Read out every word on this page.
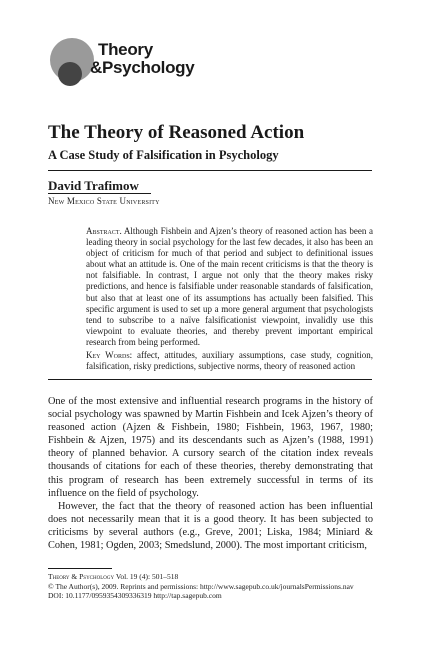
Theory
&Psychology
The Theory of Reasoned Action
A Case Study of Falsification in Psychology
David Trafimow
New Mexico State University
Abstract. Although Fishbein and Ajzen’s theory of reasoned action has been a leading theory in social psychology for the last few decades, it also has been an object of criticism for much of that period and subject to definitional issues about what an attitude is. One of the main recent criticisms is that the theory is not falsifiable. In contrast, I argue not only that the theory makes risky predictions, and hence is falsifiable under reasonable standards of falsification, but also that at least one of its assumptions has actually been falsified. This specific argument is used to set up a more general argument that psychologists tend to subscribe to a naïve falsificationist viewpoint, invalidly use this viewpoint to evaluate theories, and thereby prevent important empirical research from being performed.
Key Words: affect, attitudes, auxiliary assumptions, case study, cognition, falsification, risky predictions, subjective norms, theory of reasoned action

One of the most extensive and influential research programs in the history of social psychology was spawned by Martin Fishbein and Icek Ajzen’s theory of reasoned action (Ajzen & Fishbein, 1980; Fishbein, 1963, 1967, 1980; Fishbein & Ajzen, 1975) and its descendants such as Ajzen’s (1988, 1991) theory of planned behavior. A cursory search of the citation index reveals thousands of citations for each of these theories, thereby demonstrating that this program of research has been extremely successful in terms of its influence on the field of psychology.

However, the fact that the theory of reasoned action has been influential does not necessarily mean that it is a good theory. It has been subjected to criticisms by several authors (e.g., Greve, 2001; Liska, 1984; Miniard & Cohen, 1981; Ogden, 2003; Smedslund, 2000). The most important criticism,

Theory & Psychology Vol. 19 (4): 501–518
© The Author(s), 2009. Reprints and permissions: http://www.sagepub.co.uk/journalsPermissions.nav
DOI: 10.1177/0959354309336319 http://tap.sagepub.com
